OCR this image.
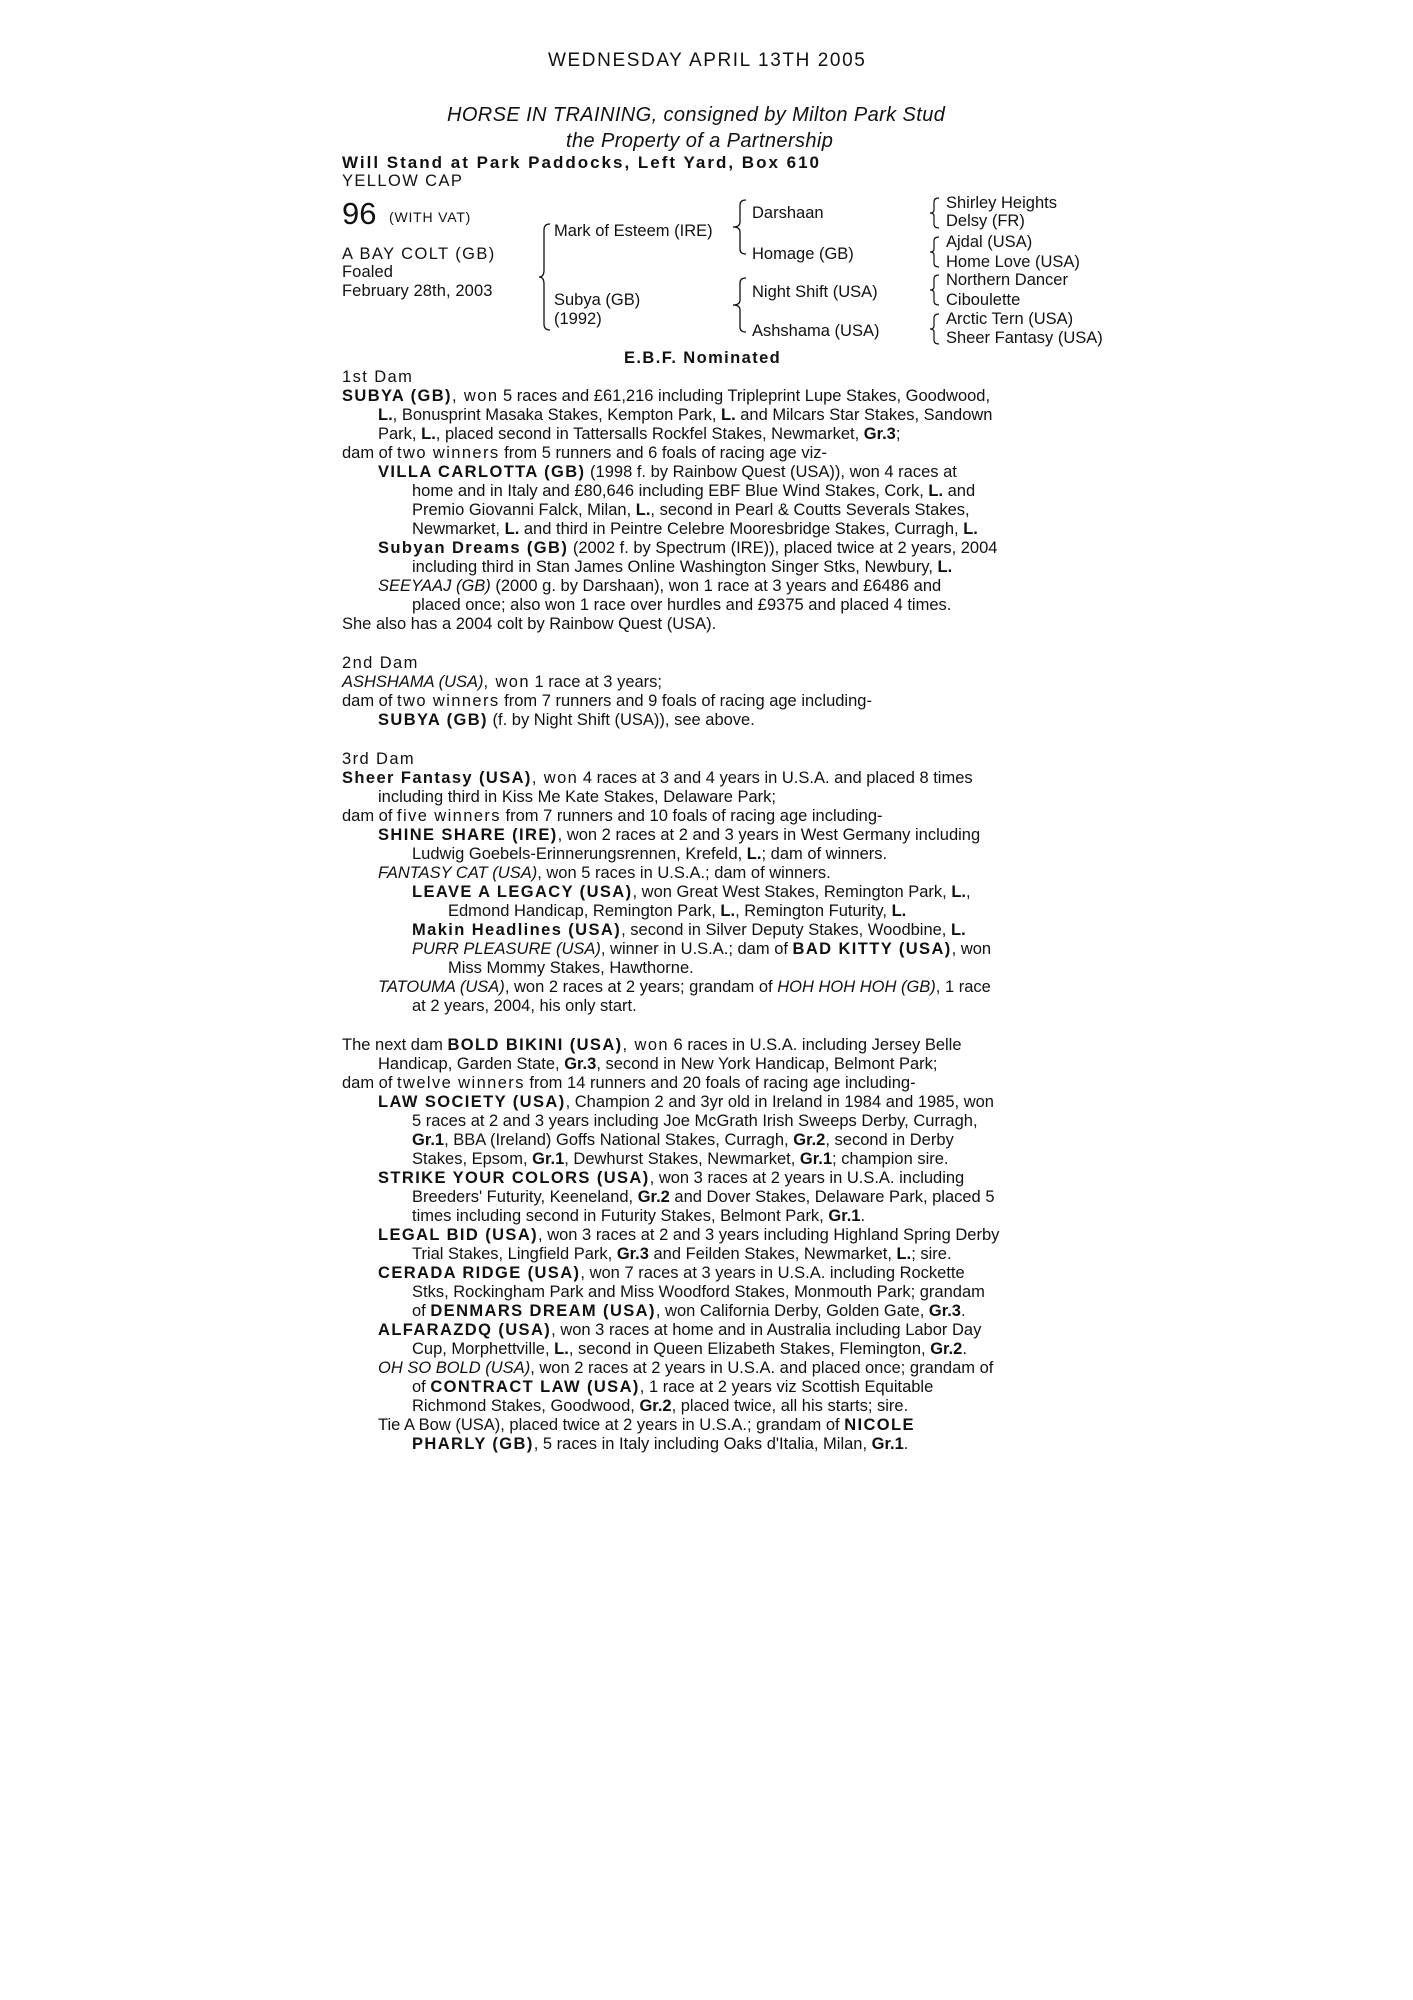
WEDNESDAY APRIL 13TH 2005
HORSE IN TRAINING, consigned by Milton Park Stud
the Property of a Partnership
Will Stand at Park Paddocks, Left Yard, Box 610
YELLOW CAP
96 (WITH VAT)
A BAY COLT (GB)
Foaled
February 28th, 2003
Mark of Esteem (IRE)
Subya (GB)
(1992)
Darshaan
Homage (GB)
Night Shift (USA)
Ashshama (USA)
Shirley Heights
Delsy (FR)
Ajdal (USA)
Home Love (USA)
Northern Dancer
Ciboulette
Arctic Tern (USA)
Sheer Fantasy (USA)
E.B.F. Nominated

1st Dam

SUBYA (GB), won 5 races and £61,216 including Tripleprint Lupe Stakes, Goodwood,

L., Bonusprint Masaka Stakes, Kempton Park, L. and Milcars Star Stakes, Sandown

Park, L., placed second in Tattersalls Rockfel Stakes, Newmarket, Gr.3;

dam of two winners from 5 runners and 6 foals of racing age viz-

VILLA CARLOTTA (GB) (1998 f. by Rainbow Quest (USA)), won 4 races at

home and in Italy and £80,646 including EBF Blue Wind Stakes, Cork, L. and

Premio Giovanni Falck, Milan, L., second in Pearl & Coutts Severals Stakes,

Newmarket, L. and third in Peintre Celebre Mooresbridge Stakes, Curragh, L.

Subyan Dreams (GB) (2002 f. by Spectrum (IRE)), placed twice at 2 years, 2004

including third in Stan James Online Washington Singer Stks, Newbury, L.

SEEYAAJ (GB) (2000 g. by Darshaan), won 1 race at 3 years and £6486 and

placed once; also won 1 race over hurdles and £9375 and placed 4 times.

She also has a 2004 colt by Rainbow Quest (USA).

2nd Dam

ASHSHAMA (USA), won 1 race at 3 years;

dam of two winners from 7 runners and 9 foals of racing age including-

SUBYA (GB) (f. by Night Shift (USA)), see above.

3rd Dam

Sheer Fantasy (USA), won 4 races at 3 and 4 years in U.S.A. and placed 8 times

including third in Kiss Me Kate Stakes, Delaware Park;

dam of five winners from 7 runners and 10 foals of racing age including-

SHINE SHARE (IRE), won 2 races at 2 and 3 years in West Germany including

Ludwig Goebels-Erinnerungsrennen, Krefeld, L.; dam of winners.

FANTASY CAT (USA), won 5 races in U.S.A.; dam of winners.

LEAVE A LEGACY (USA), won Great West Stakes, Remington Park, L.,

Edmond Handicap, Remington Park, L., Remington Futurity, L.

Makin Headlines (USA), second in Silver Deputy Stakes, Woodbine, L.

PURR PLEASURE (USA), winner in U.S.A.; dam of BAD KITTY (USA), won

Miss Mommy Stakes, Hawthorne.

TATOUMA (USA), won 2 races at 2 years; grandam of HOH HOH HOH (GB), 1 race

at 2 years, 2004, his only start.

The next dam BOLD BIKINI (USA), won 6 races in U.S.A. including Jersey Belle

Handicap, Garden State, Gr.3, second in New York Handicap, Belmont Park;

dam of twelve winners from 14 runners and 20 foals of racing age including-

LAW SOCIETY (USA), Champion 2 and 3yr old in Ireland in 1984 and 1985, won

5 races at 2 and 3 years including Joe McGrath Irish Sweeps Derby, Curragh,

Gr.1, BBA (Ireland) Goffs National Stakes, Curragh, Gr.2, second in Derby

Stakes, Epsom, Gr.1, Dewhurst Stakes, Newmarket, Gr.1; champion sire.

STRIKE YOUR COLORS (USA), won 3 races at 2 years in U.S.A. including

Breeders' Futurity, Keeneland, Gr.2 and Dover Stakes, Delaware Park, placed 5

times including second in Futurity Stakes, Belmont Park, Gr.1.

LEGAL BID (USA), won 3 races at 2 and 3 years including Highland Spring Derby

Trial Stakes, Lingfield Park, Gr.3 and Feilden Stakes, Newmarket, L.; sire.

CERADA RIDGE (USA), won 7 races at 3 years in U.S.A. including Rockette

Stks, Rockingham Park and Miss Woodford Stakes, Monmouth Park; grandam

of DENMARS DREAM (USA), won California Derby, Golden Gate, Gr.3.

ALFARAZDQ (USA), won 3 races at home and in Australia including Labor Day

Cup, Morphettville, L., second in Queen Elizabeth Stakes, Flemington, Gr.2.

OH SO BOLD (USA), won 2 races at 2 years in U.S.A. and placed once; grandam of

of CONTRACT LAW (USA), 1 race at 2 years viz Scottish Equitable

Richmond Stakes, Goodwood, Gr.2, placed twice, all his starts; sire.

Tie A Bow (USA), placed twice at 2 years in U.S.A.; grandam of NICOLE

PHARLY (GB), 5 races in Italy including Oaks d'Italia, Milan, Gr.1.
